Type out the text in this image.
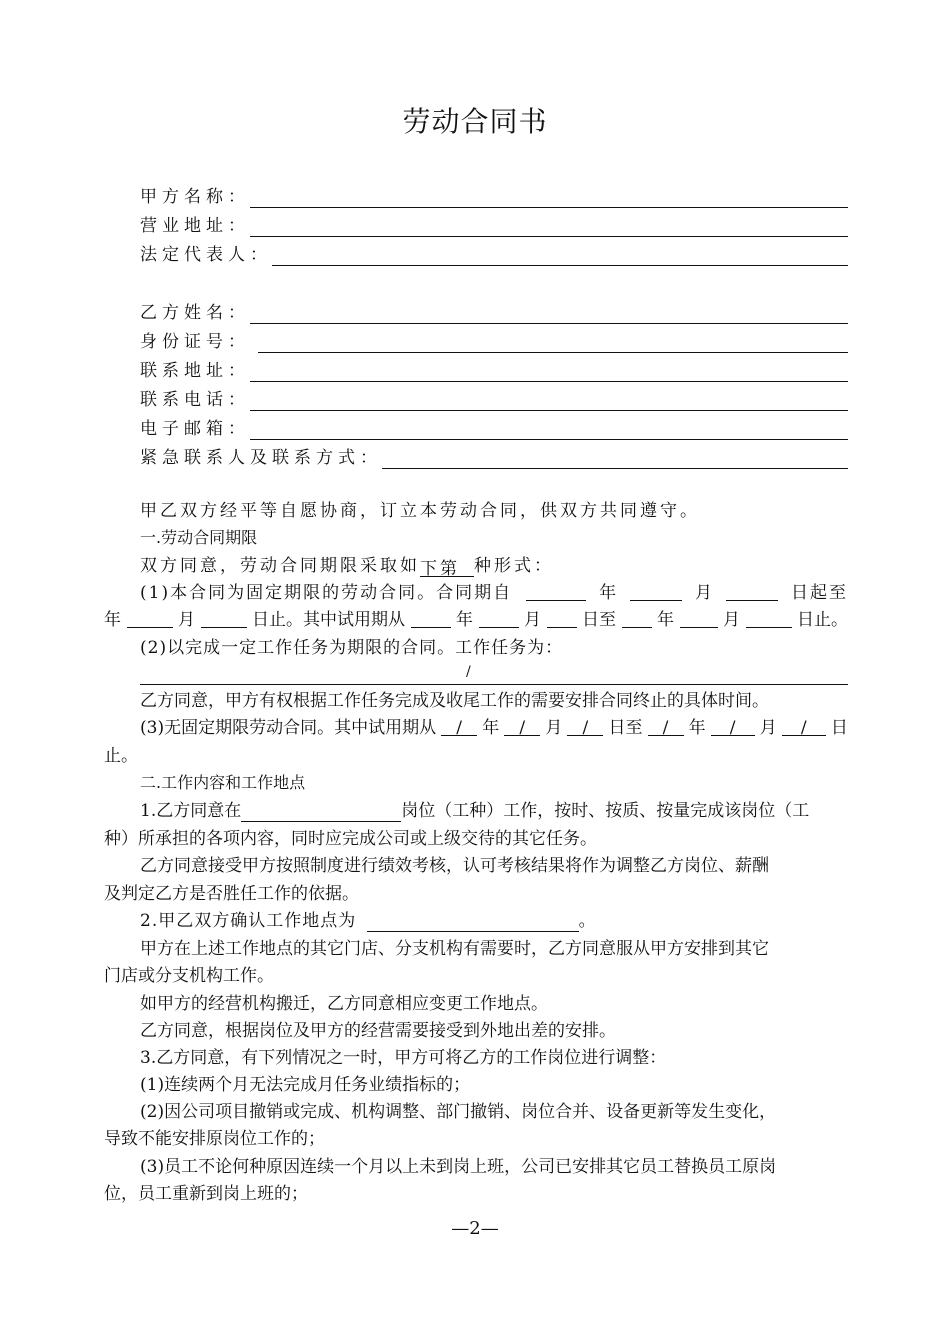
劳动合同书
甲方名称：
营业地址：
法定代表人：
乙方姓名：
身份证号：
联系地址：
联系电话：
电子邮箱：
紧急联系人及联系方式：
甲乙双方经平等自愿协商，订立本劳动合同，供双方共同遵守。
一.劳动合同期限
双方同意，劳动合同期限采取如下第 种形式：
(1)本合同为固定期限的劳动合同。合同期自	年	月	日起至
年	月	日止。其中试用期从	年	月 日至 年	月	日止。
(2)以完成一定工作任务为期限的合同。工作任务为：
/
乙方同意，甲方有权根据工作任务完成及收尾工作的需要安排合同终止的具体时间。
(3)无固定期限劳动合同。其中试用期从	/	年	/	月	/	日至	/	年	/	月	/	日
止。
二.工作内容和工作地点
1.乙方同意在	岗位（工种）工作，按时、按质、按量完成该岗位（工
种）所承担的各项内容，同时应完成公司或上级交待的其它任务。
乙方同意接受甲方按照制度进行绩效考核，认可考核结果将作为调整乙方岗位、薪酬
及判定乙方是否胜任工作的依据。
2.甲乙双方确认工作地点为	。
甲方在上述工作地点的其它门店、分支机构有需要时，乙方同意服从甲方安排到其它
门店或分支机构工作。
如甲方的经营机构搬迁，乙方同意相应变更工作地点。
乙方同意，根据岗位及甲方的经营需要接受到外地出差的安排。
3.乙方同意，有下列情况之一时，甲方可将乙方的工作岗位进行调整：
(1)连续两个月无法完成月任务业绩指标的；
(2)因公司项目撤销或完成、机构调整、部门撤销、岗位合并、设备更新等发生变化，
导致不能安排原岗位工作的；
(3)员工不论何种原因连续一个月以上未到岗上班，公司已安排其它员工替换员工原岗
位，员工重新到岗上班的；
—2—
